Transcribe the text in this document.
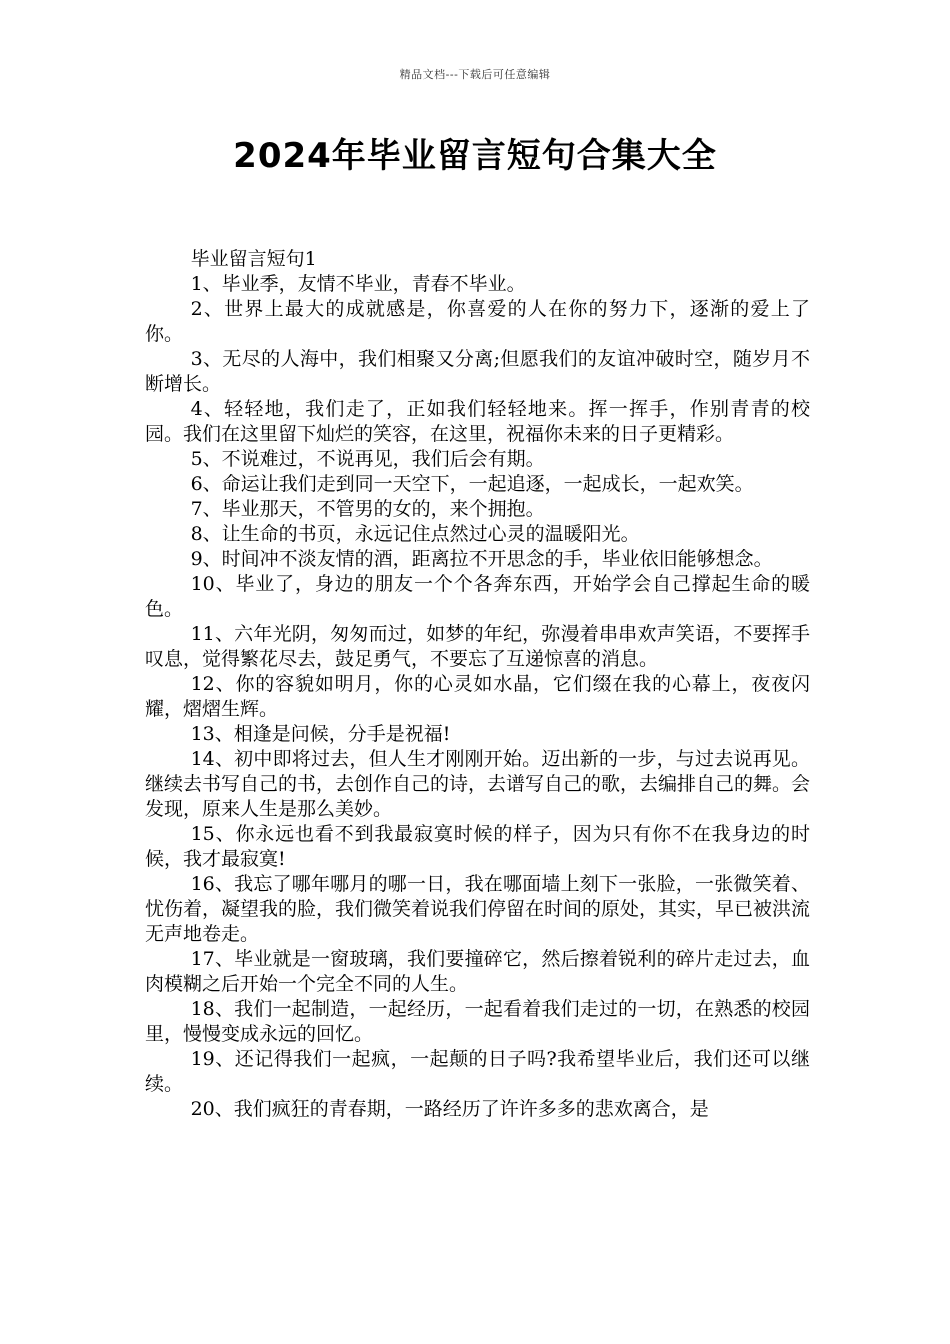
精品文档---下载后可任意编辑
2024年毕业留言短句合集大全

毕业留言短句1

1、毕业季，友情不毕业，青春不毕业。

2、世界上最大的成就感是，你喜爱的人在你的努力下，逐渐的爱上了你。

3、无尽的人海中，我们相聚又分离;但愿我们的友谊冲破时空，随岁月不断增长。

4、轻轻地，我们走了，正如我们轻轻地来。挥一挥手，作别青青的校园。我们在这里留下灿烂的笑容，在这里，祝福你未来的日子更精彩。

5、不说难过，不说再见，我们后会有期。

6、命运让我们走到同一天空下，一起追逐，一起成长，一起欢笑。

7、毕业那天，不管男的女的，来个拥抱。

8、让生命的书页，永远记住点然过心灵的温暖阳光。

9、时间冲不淡友情的酒，距离拉不开思念的手，毕业依旧能够想念。

10、毕业了，身边的朋友一个个各奔东西，开始学会自己撑起生命的暖色。

11、六年光阴，匆匆而过，如梦的年纪，弥漫着串串欢声笑语，不要挥手叹息，觉得繁花尽去，鼓足勇气，不要忘了互递惊喜的消息。

12、你的容貌如明月，你的心灵如水晶，它们缀在我的心幕上，夜夜闪耀，熠熠生辉。

13、相逢是问候，分手是祝福!

14、初中即将过去，但人生才刚刚开始。迈出新的一步，与过去说再见。继续去书写自己的书，去创作自己的诗，去谱写自己的歌，去编排自己的舞。会发现，原来人生是那么美妙。

15、你永远也看不到我最寂寞时候的样子，因为只有你不在我身边的时候，我才最寂寞!

16、我忘了哪年哪月的哪一日，我在哪面墙上刻下一张脸，一张微笑着、忧伤着，凝望我的脸，我们微笑着说我们停留在时间的原处，其实，早已被洪流无声地卷走。

17、毕业就是一窗玻璃，我们要撞碎它，然后擦着锐利的碎片走过去，血肉模糊之后开始一个完全不同的人生。

18、我们一起制造，一起经历，一起看着我们走过的一切，在熟悉的校园里，慢慢变成永远的回忆。

19、还记得我们一起疯，一起颠的日子吗?我希望毕业后，我们还可以继续。

20、我们疯狂的青春期，一路经历了许许多多的悲欢离合，是
